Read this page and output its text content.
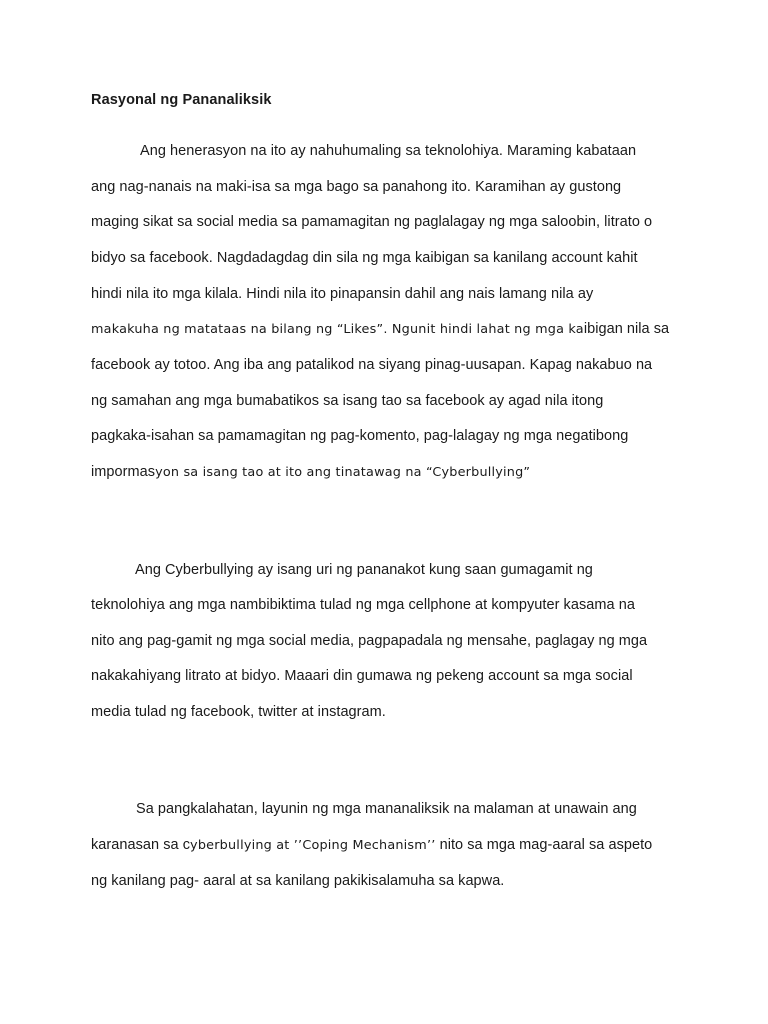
Rasyonal ng Pananaliksik
Ang henerasyon na ito ay nahuhumaling sa teknolohiya. Maraming kabataan
ang nag-nanais na maki-isa sa mga bago sa panahong ito. Karamihan ay gustong
maging sikat sa social media sa pamamagitan ng paglalagay ng mga saloobin, litrato o
bidyo sa facebook. Nagdadagdag din sila ng mga kaibigan sa kanilang account kahit
hindi nila ito mga kilala. Hindi nila ito pinapansin dahil ang nais lamang nila ay
makakuha ng matataas na bilang ng “Likes”. Ngunit hindi lahat ng mga kaibigan nila sa
facebook ay totoo. Ang iba ang patalikod na siyang pinag-uusapan. Kapag nakabuo na
ng samahan ang mga bumabatikos sa isang tao sa facebook ay agad nila itong
pagkaka-isahan sa pamamagitan ng pag-komento, pag-lalagay ng mga negatibong
impormasyon sa isang tao at ito ang tinatawag na “Cyberbullying”
Ang Cyberbullying ay isang uri ng pananakot kung saan gumagamit ng
teknolohiya ang mga nambibiktima tulad ng mga cellphone at kompyuter kasama na
nito ang pag-gamit ng mga social media, pagpapadala ng mensahe, paglagay ng mga
nakakahiyang litrato at bidyo. Maaari din gumawa ng pekeng account sa mga social
media tulad ng facebook, twitter at instagram.
Sa pangkalahatan, layunin ng mga mananaliksik na malaman at unawain ang
karanasan sa cyberbullying at ’’Coping Mechanism’’ nito sa mga mag-aaral sa aspeto
ng kanilang pag- aaral at sa kanilang pakikisalamuha sa kapwa.
